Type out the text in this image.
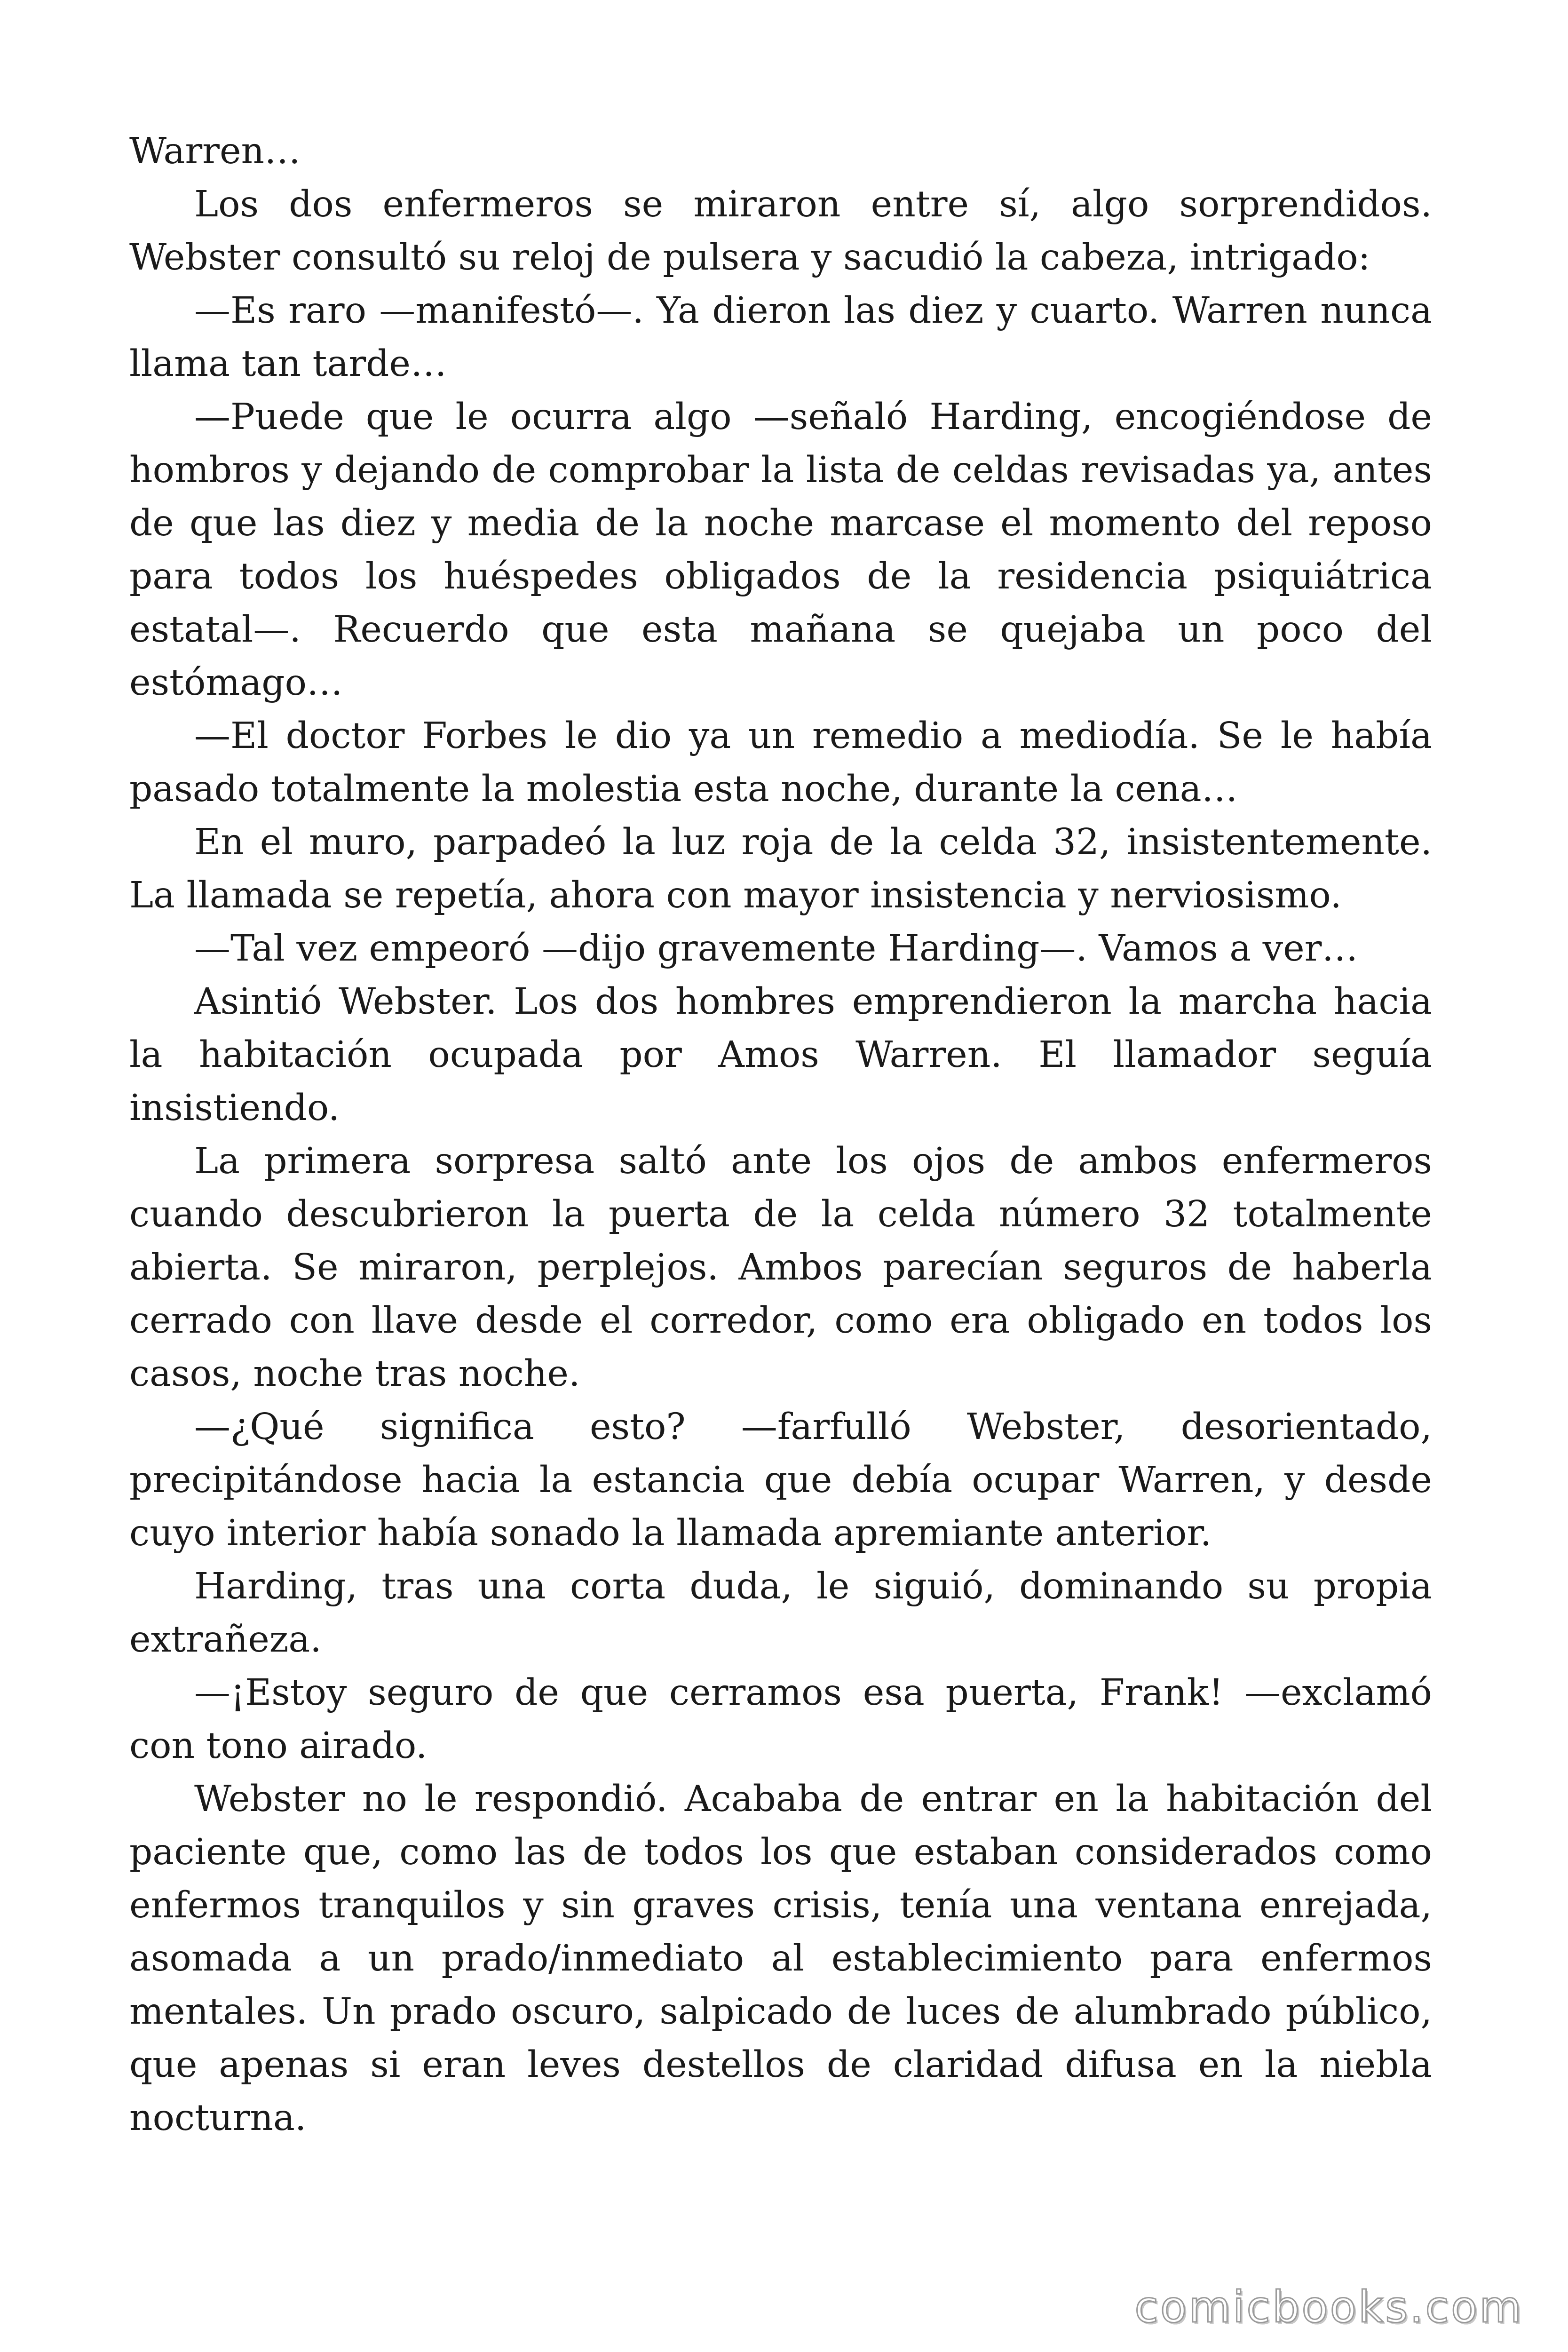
Warren…

Los dos enfermeros se miraron entre sí, algo sorprendidos. Webster consultó su reloj de pulsera y sacudió la cabeza, intrigado:

—Es raro —manifestó—. Ya dieron las diez y cuarto. Warren nunca llama tan tarde…

—Puede que le ocurra algo —señaló Harding, encogiéndose de hombros y dejando de comprobar la lista de celdas revisadas ya, antes de que las diez y media de la noche marcase el momento del reposo para todos los huéspedes obligados de la residencia psiquiátrica estatal—. Recuerdo que esta mañana se quejaba un poco del estómago…

—El doctor Forbes le dio ya un remedio a mediodía. Se le había pasado totalmente la molestia esta noche, durante la cena…

En el muro, parpadeó la luz roja de la celda 32, insistentemente. La llamada se repetía, ahora con mayor insistencia y nerviosismo.

—Tal vez empeoró —dijo gravemente Harding—. Vamos a ver…

Asintió Webster. Los dos hombres emprendieron la marcha hacia la habitación ocupada por Amos Warren. El llamador seguía insistiendo.

La primera sorpresa saltó ante los ojos de ambos enfermeros cuando descubrieron la puerta de la celda número 32 totalmente abierta. Se miraron, perplejos. Ambos parecían seguros de haberla cerrado con llave desde el corredor, como era obligado en todos los casos, noche tras noche.

—¿Qué significa esto? —farfulló Webster, desorientado, precipitándose hacia la estancia que debía ocupar Warren, y desde cuyo interior había sonado la llamada apremiante anterior.

Harding, tras una corta duda, le siguió, dominando su propia extrañeza.

—¡Estoy seguro de que cerramos esa puerta, Frank! —exclamó con tono airado.

Webster no le respondió. Acababa de entrar en la habitación del paciente que, como las de todos los que estaban considerados como enfermos tranquilos y sin graves crisis, tenía una ventana enrejada, asomada a un prado/inmediato al establecimiento para enfermos mentales. Un prado oscuro, salpicado de luces de alumbrado público, que apenas si eran leves destellos de claridad difusa en la niebla nocturna.

comicbooks.com
